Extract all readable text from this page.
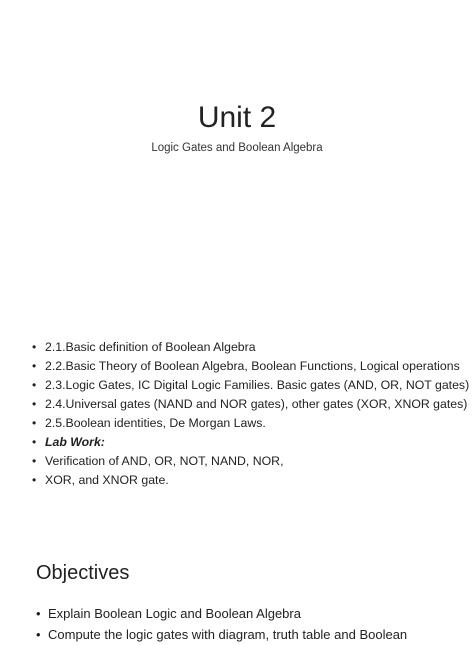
Unit 2
Logic Gates and Boolean Algebra
• 2.1.Basic definition of Boolean Algebra
• 2.2.Basic Theory of Boolean Algebra, Boolean Functions, Logical operations
• 2.3.Logic Gates, IC Digital Logic Families. Basic gates (AND, OR, NOT gates)
• 2.4.Universal gates (NAND and NOR gates), other gates (XOR, XNOR gates)
• 2.5.Boolean identities, De Morgan Laws.
• Lab Work:
• Verification of AND, OR, NOT, NAND, NOR,
• XOR, and XNOR gate.
Objectives
• Explain Boolean Logic and Boolean Algebra
• Compute the logic gates with diagram, truth table and Boolean
